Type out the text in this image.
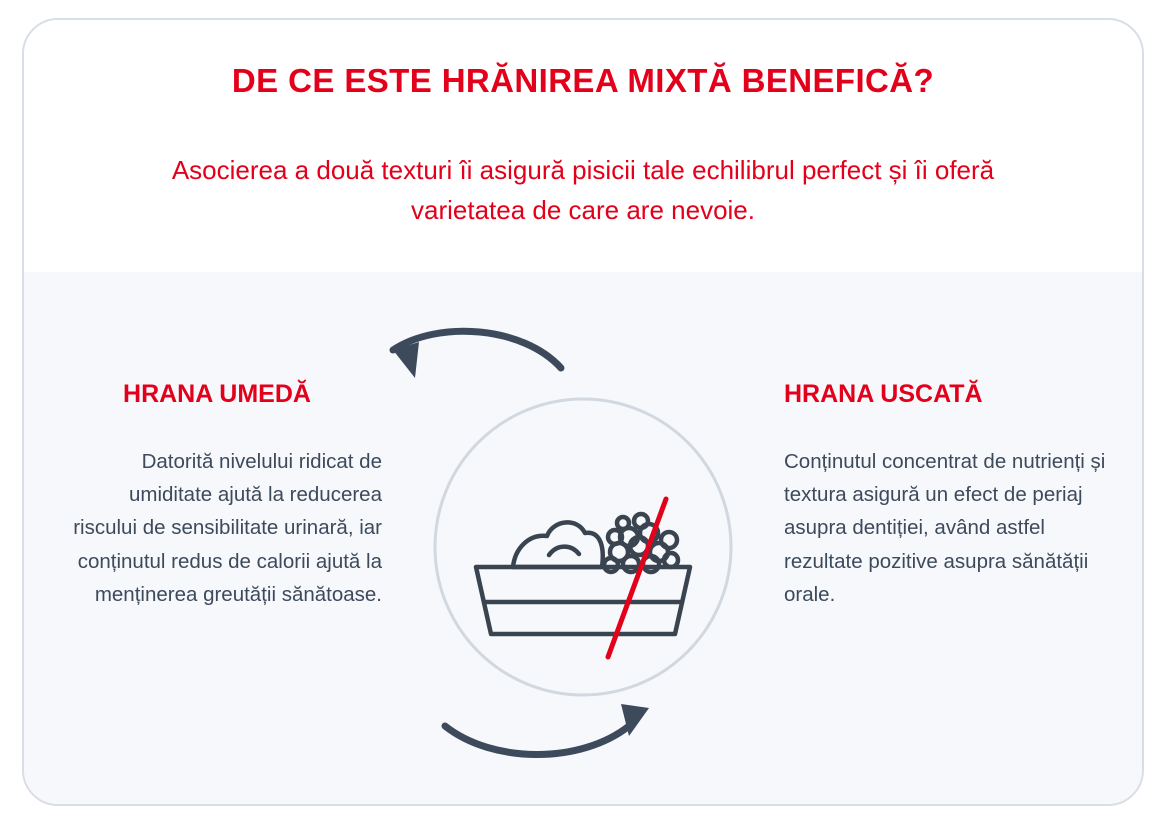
DE CE ESTE HRĂNIREA MIXTĂ BENEFICĂ?
Asocierea a două texturi îi asigură pisicii tale echilibrul perfect și îi oferă varietatea de care are nevoie.
HRANA UMEDĂ
Datorită nivelului ridicat de umiditate ajută la reducerea riscului de sensibilitate urinară, iar conținutul redus de calorii ajută la menținerea greutății sănătoase.
HRANA USCATĂ
Conținutul concentrat de nutrienți și textura asigură un efect de periaj asupra dentiției, având astfel rezultate pozitive asupra sănătății orale.
